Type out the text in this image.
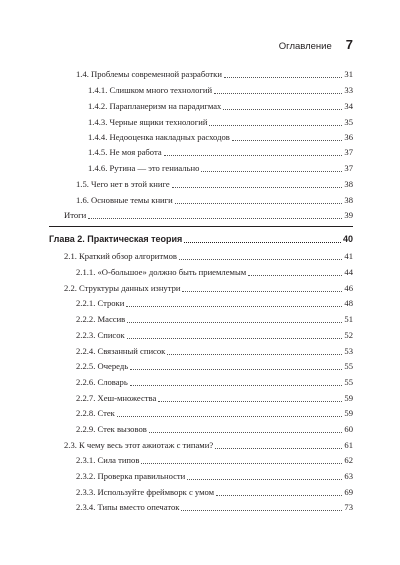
Оглавление 7
1.4. Проблемы современной разработки	31
1.4.1. Слишком много технологий	33
1.4.2. Парапланеризм на парадигмах	34
1.4.3. Черные ящики технологий	35
1.4.4. Недооценка накладных расходов	36
1.4.5. Не моя работа	37
1.4.6. Рутина — это гениально	37
1.5. Чего нет в этой книге	38
1.6. Основные темы книги	38
Итоги	39
Глава 2. Практическая теория	40
2.1. Краткий обзор алгоритмов	41
2.1.1. «О-большое» должно быть приемлемым	44
2.2. Структуры данных изнутри	46
2.2.1. Строки	48
2.2.2. Массив	51
2.2.3. Список	52
2.2.4. Связанный список	53
2.2.5. Очередь	55
2.2.6. Словарь	55
2.2.7. Хеш-множества	59
2.2.8. Стек	59
2.2.9. Стек вызовов	60
2.3. К чему весь этот ажиотаж с типами?	61
2.3.1. Сила типов	62
2.3.2. Проверка правильности	63
2.3.3. Используйте фреймворк с умом	69
2.3.4. Типы вместо опечаток	73
